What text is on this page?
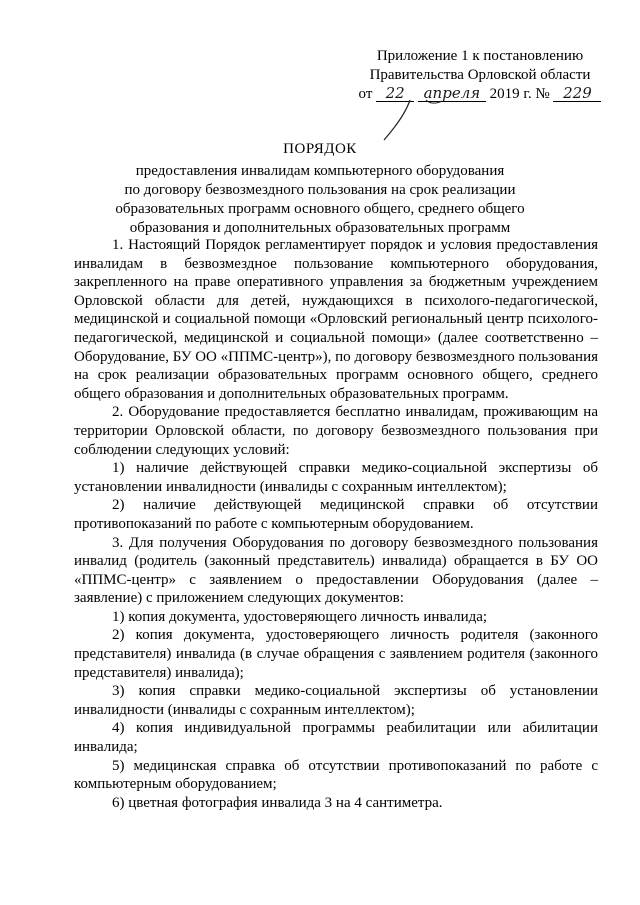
Приложение 1 к постановлению
Правительства Орловской области
от 22 апреля 2019 г. № 229
ПОРЯДОК
предоставления инвалидам компьютерного оборудования
по договору безвозмездного пользования на срок реализации
образовательных программ основного общего, среднего общего
образования и дополнительных образовательных программ

1. Настоящий Порядок регламентирует порядок и условия предоставления инвалидам в безвозмездное пользование компьютерного оборудования, закрепленного на праве оперативного управления за бюджетным учреждением Орловской области для детей, нуждающихся в психолого-педагогической, медицинской и социальной помощи «Орловский региональный центр психолого-педагогической, медицинской и социальной помощи» (далее соответственно – Оборудование, БУ ОО «ППМС-центр»), по договору безвозмездного пользования на срок реализации образовательных программ основного общего, среднего общего образования и дополнительных образовательных программ.

2. Оборудование предоставляется бесплатно инвалидам, проживающим на территории Орловской области, по договору безвозмездного пользования при соблюдении следующих условий:

1) наличие действующей справки медико-социальной экспертизы об установлении инвалидности (инвалиды с сохранным интеллектом);

2) наличие действующей медицинской справки об отсутствии противопоказаний по работе с компьютерным оборудованием.

3. Для получения Оборудования по договору безвозмездного пользования инвалид (родитель (законный представитель) инвалида) обращается в БУ ОО «ППМС-центр» с заявлением о предоставлении Оборудования (далее – заявление) с приложением следующих документов:

1) копия документа, удостоверяющего личность инвалида;

2) копия документа, удостоверяющего личность родителя (законного представителя) инвалида (в случае обращения с заявлением родителя (законного представителя) инвалида);

3) копия справки медико-социальной экспертизы об установлении инвалидности (инвалиды с сохранным интеллектом);

4) копия индивидуальной программы реабилитации или абилитации инвалида;

5) медицинская справка об отсутствии противопоказаний по работе с компьютерным оборудованием;

6) цветная фотография инвалида 3 на 4 сантиметра.
